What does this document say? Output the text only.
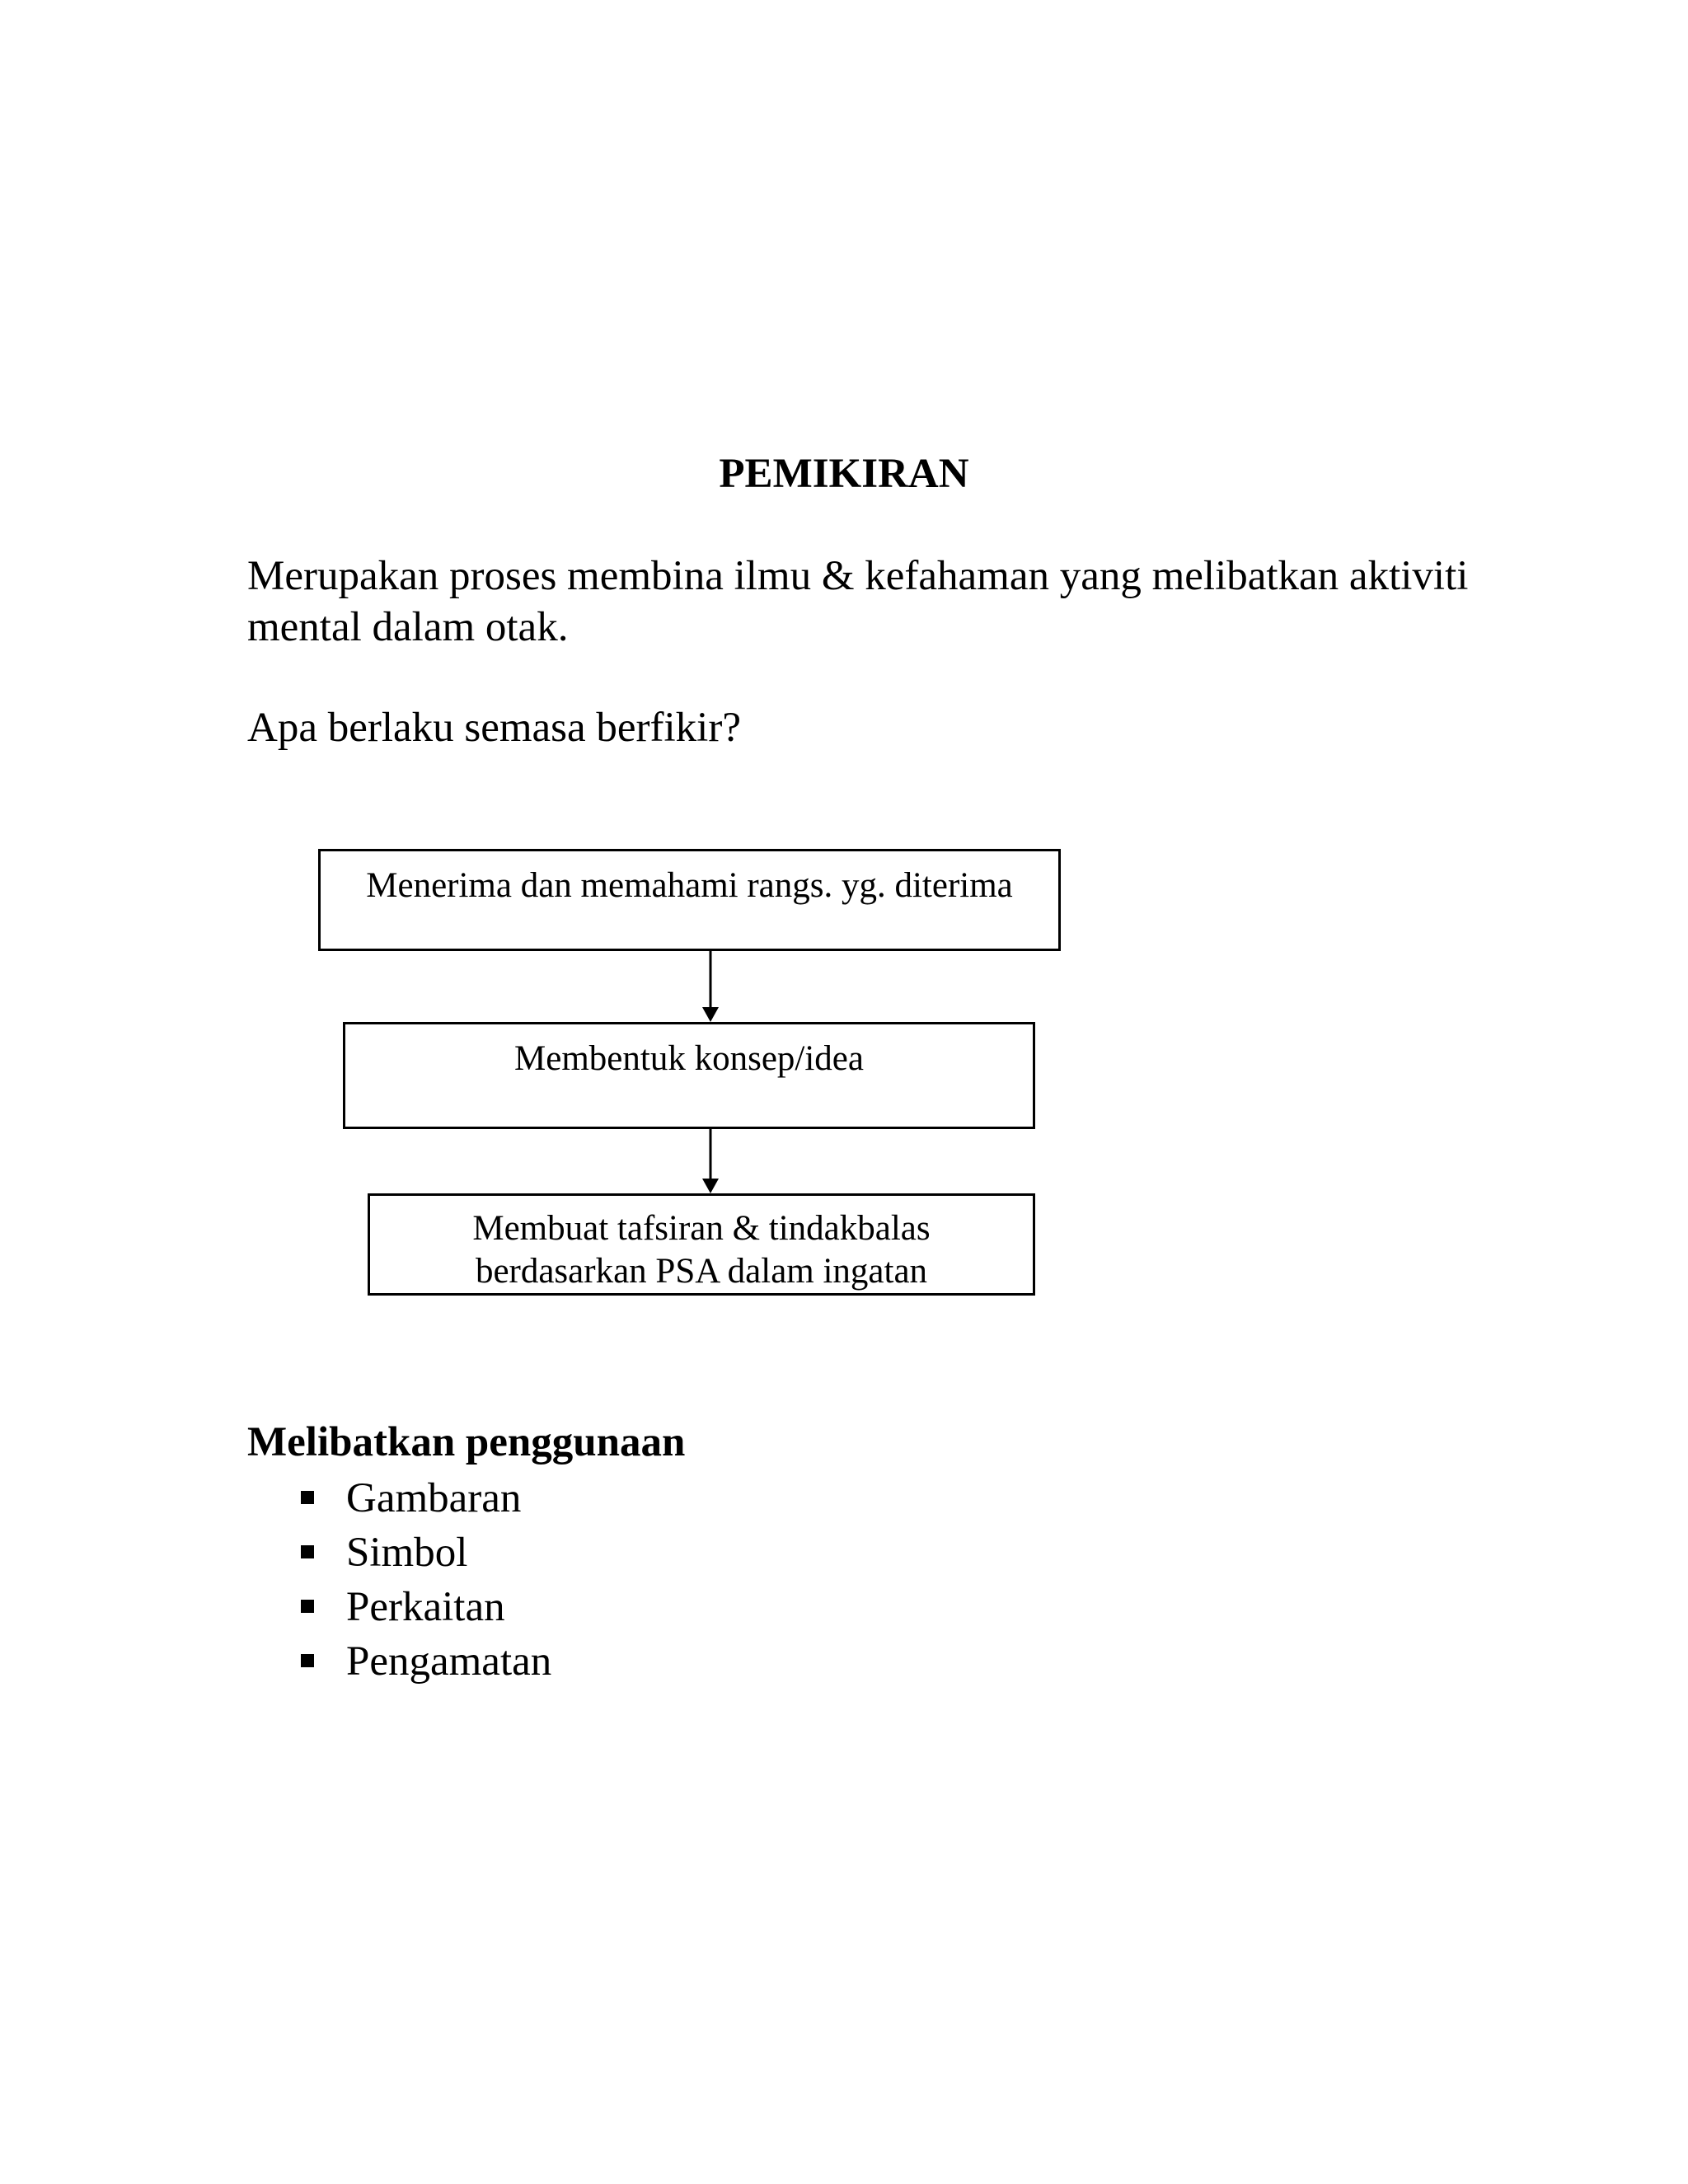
PEMIKIRAN

Merupakan proses membina ilmu & kefahaman yang melibatkan aktiviti mental dalam otak.

Apa berlaku semasa berfikir?

Menerima dan memahami rangs. yg. diterima
Membentuk konsep/idea
Membuat tafsiran & tindakbalas
berdasarkan PSA dalam ingatan
Melibatkan penggunaan
Gambaran
Simbol
Perkaitan
Pengamatan
